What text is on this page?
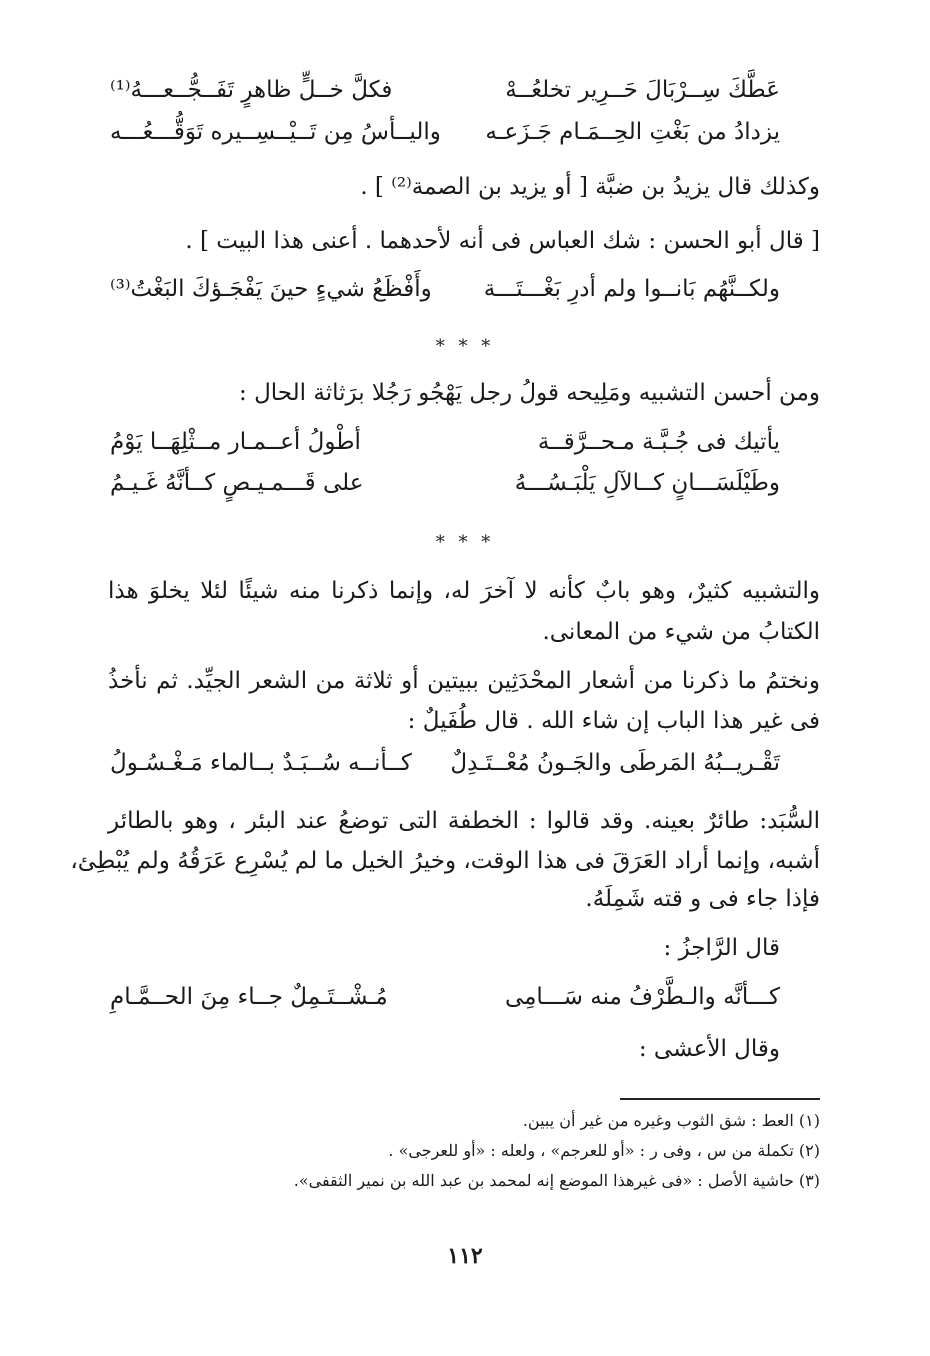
عَطَّكَ سِــرْبَالَ حَــرِير تخلعُــهْ
فكلَّ خــلٍّ ظاهرٍ تَفَــجُّــعـــهُ⁽¹⁾
يزدادُ من بَغْتِ الحِــمَـام جَـزَعـه
واليــأسُ مِن تَــيْــسِــيره تَوَقُّـــعُـــه
وكذلك قال يزيدُ بن ضبَّة [ أو يزيد بن الصمة⁽²⁾ ] .
[ قال أبو الحسن : شك العباس فى أنه لأحدهما . أعنى هذا البيت ] .
ولكــنَّهُم بَانــوا ولم أدرِ بَغْـــتَـــة
وأَفْظَعُ شيءٍ حينَ يَفْجَـؤكَ البَغْتُ⁽³⁾
* * *
ومن أحسن التشبيه ومَلِيحه قولُ رجل يَهْجُو رَجُلا برَثاثة الحال :
يأتيك فى جُـبَّـة مـحــرَّقــة
أطْولُ أعــمـار مــثْلِهَــا يَوْمُ
وطَيْلَسَـــانٍ كــالآلِ يَلْبَـسُـــهُ
على قَـــمـيـصٍ كــأنَّهُ غَـيـمُ
* * *
والتشبيه كثيرٌ، وهو بابٌ كأنه لا آخرَ له، وإنما ذكرنا منه شيئًا لئلا يخلوَ هذا
الكتابُ من شيء من المعانى.
ونختمُ ما ذكرنا من أشعار المحْدَثِين ببيتين أو ثلاثة من الشعر الجيِّد. ثم نأخذُ
فى غير هذا الباب إن شاء الله . قال طُفَيلٌ :
تَقْـريــبُهُ المَرطَى والجَـونُ مُعْــتَـدِلٌ
كــأنــه سُــبَـدٌ بــالماء مَـغْـسُـولُ
السُّبَد: طائرٌ بعينه. وقد قالوا : الخطفة التى توضعُ عند البئر ، وهو بالطائر
أشبه، وإنما أراد العَرَقَ فى هذا الوقت، وخيرُ الخيل ما لم يُسْرِع عَرَقُهُ ولم يُبْطِئ،
فإذا جاء فى و قته شَمِلَهُ.
قال الرَّاجزُ :
كـــأنَّه والـطَّرْفُ منه سَـــامِى
مُـشْــتَـمِلٌ جــاء مِنَ الحــمَّـامِ
وقال الأعشى :
(١) العط : شق الثوب وغيره من غير أن يبين.
(٢) تكملة من س ، وفى ر : «أو للعرجم» ، ولعله : «أو للعرجى» .
(٣) حاشية الأصل : «فى غيرهذا الموضع إنه لمحمد بن عبد الله بن نمير الثقفى».
١١٢
